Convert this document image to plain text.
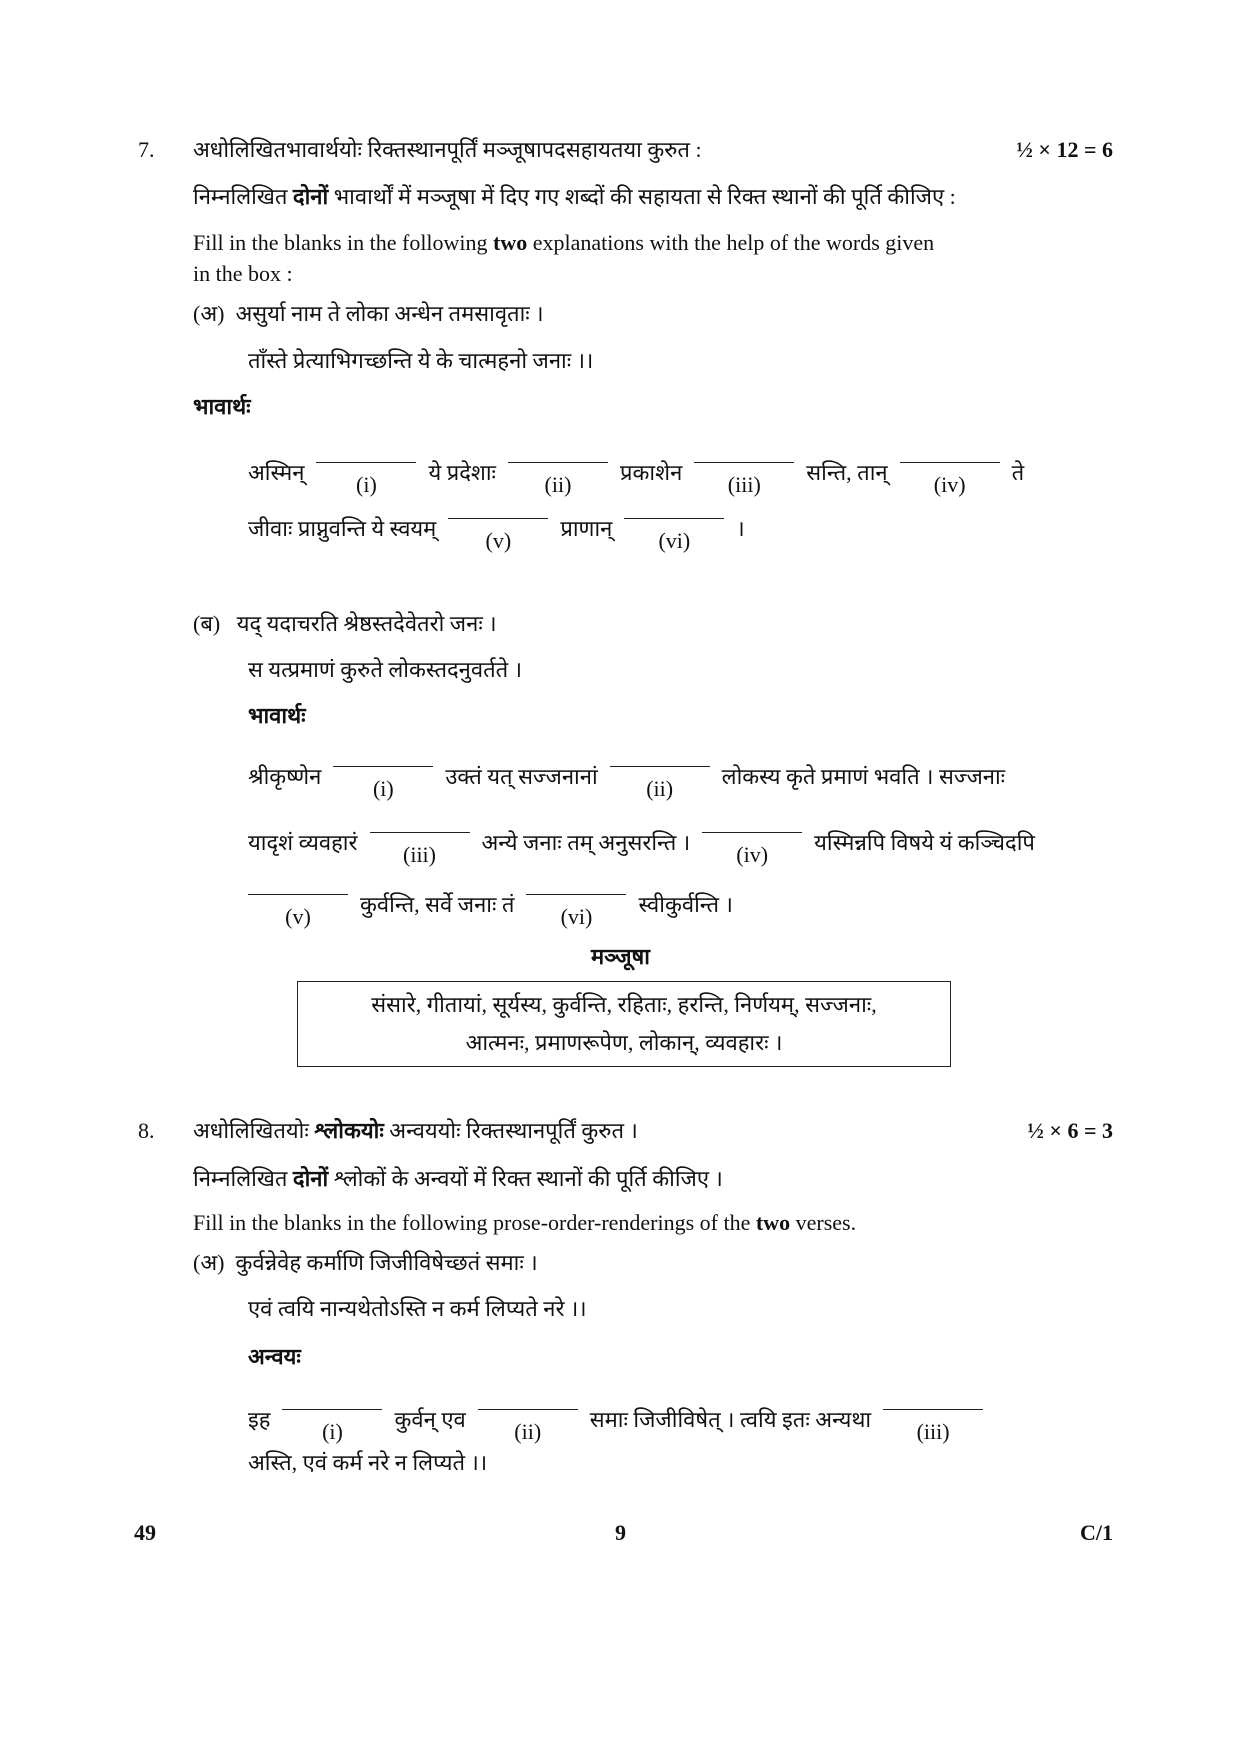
7. अधोलिखितभावार्थयोः रिक्तस्थानपूर्तिं मञ्जूषापदसहायतया कुरुत :	½ × 12 = 6
निम्नलिखित दोनों भावार्थों में मञ्जूषा में दिए गए शब्दों की सहायता से रिक्त स्थानों की पूर्ति कीजिए :
Fill in the blanks in the following two explanations with the help of the words given
in the box :
(अ) असुर्या नाम ते लोका अन्धेन तमसावृताः ।
ताँस्ते प्रेत्याभिगच्छन्ति ये के चात्महनो जनाः ।।
भावार्थः
अस्मिन्	(i)	ये प्रदेशाः	(ii)	प्रकाशेन	(iii)	सन्ति, तान्	(iv)	ते
जीवाः प्राप्नुवन्ति ये स्वयम्	(v)	प्राणान्	(vi)	।
(ब) यद् यदाचरति श्रेष्ठस्तदेवेतरो जनः ।
स यत्प्रमाणं कुरुते लोकस्तदनुवर्तते ।
भावार्थः
श्रीकृष्णेन	(i)	उक्तं यत् सज्जनानां	(ii)	लोकस्य कृते प्रमाणं भवति । सज्जनाः
यादृशं व्यवहारं	(iii)	अन्ये जनाः तम् अनुसरन्ति ।	(iv)	यस्मिन्नपि विषये यं कञ्चिदपि
(v)	कुर्वन्ति, सर्वे जनाः तं	(vi)	स्वीकुर्वन्ति ।
मञ्जूषा
संसारे, गीतायां, सूर्यस्य, कुर्वन्ति, रहिताः, हरन्ति, निर्णयम्, सज्जनाः,
आत्मनः, प्रमाणरूपेण, लोकान्, व्यवहारः ।
8. अधोलिखितयोः श्लोकयोः अन्वययोः रिक्तस्थानपूर्तिं कुरुत ।	½ × 6 = 3
निम्नलिखित दोनों श्लोकों के अन्वयों में रिक्त स्थानों की पूर्ति कीजिए ।
Fill in the blanks in the following prose-order-renderings of the two verses.
(अ) कुर्वन्नेवेह कर्माणि जिजीविषेच्छतं समाः ।
एवं त्वयि नान्यथेतोऽस्ति न कर्म लिप्यते नरे ।।
अन्वयः
इह	(i)	कुर्वन् एव	(ii)	समाः जिजीविषेत् । त्वयि इतः अन्यथा	(iii)
अस्ति, एवं कर्म नरे न लिप्यते ।।
49	9	C/1
